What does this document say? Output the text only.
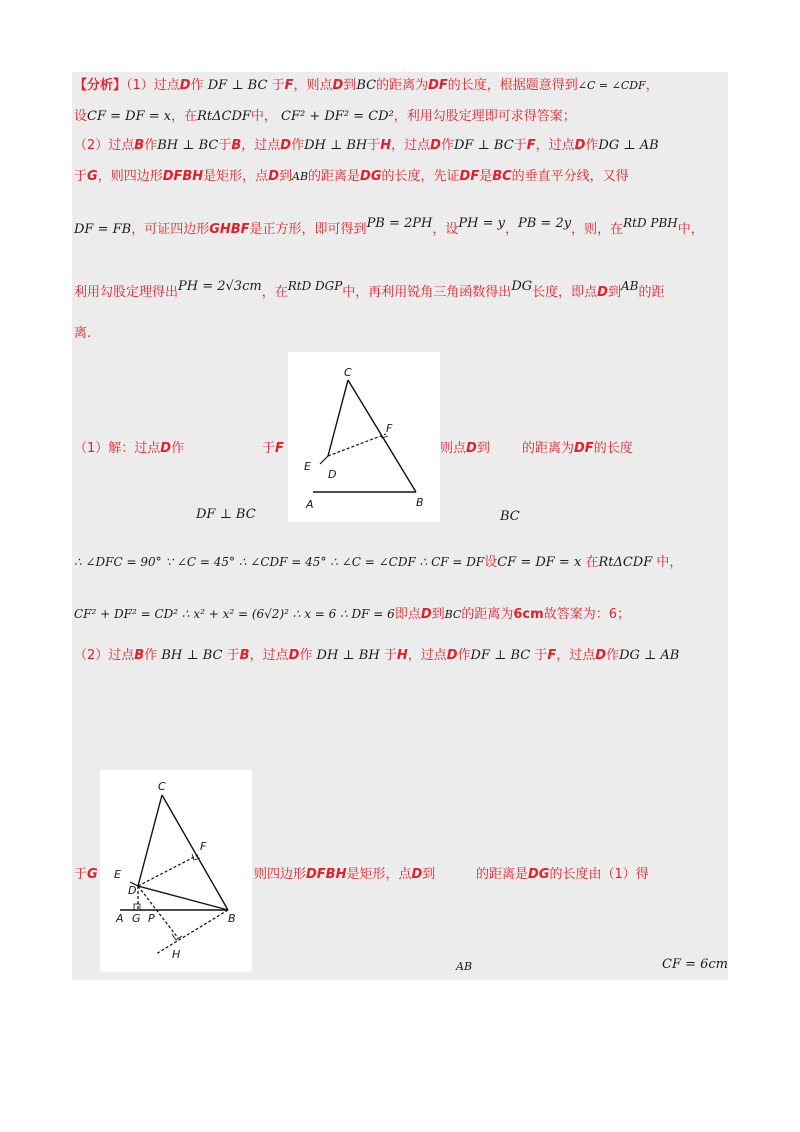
【分析】（1）过点D作 DF ⊥ BC 于F，则点D到BC的距离为DF的长度，根据题意得到∠C = ∠CDF，
设CF = DF = x，在RtΔCDF中， CF² + DF² = CD²，利用勾股定理即可求得答案；
（2）过点B作BH ⊥ BC于B，过点D作DH ⊥ BH于H，过点D作DF ⊥ BC于F，过点D作DG ⊥ AB
于G，则四边形DFBH是矩形，点D到AB的距离是DG的长度，先证DF是BC的垂直平分线，又得
DF = FB，可证四边形GHBF是正方形，即可得到PB = 2PH，设PH = y，PB = 2y，则，在RtD PBH中，
利用勾股定理得出PH = 2√3cm，在RtD DGP中，再利用锐角三角函数得出DG长度，即点D到AB的距
离.
C
F
E
D
A	B
（1）解：过点D作	于F	则点D到 的距离为DF的长度
DF ⊥ BC	BC
∴ ∠DFC = 90° ∵ ∠C = 45° ∴ ∠CDF = 45° ∴ ∠C = ∠CDF ∴ CF = DF设CF = DF = x 在RtΔCDF 中，
CF² + DF² = CD² ∴ x² + x² = (6√2)² ∴ x = 6 ∴ DF = 6即点D到BC的距离为6cm故答案为：6；
（2）过点B作 BH ⊥ BC 于B，过点D作 DH ⊥ BH 于H，过点D作DF ⊥ BC 于F，过点D作DG ⊥ AB
C
F
E
D
A G P	B
H
于G	则四边形DFBH是矩形，点D到	的距离是DG的长度由（1）得
AB	CF = 6cm
